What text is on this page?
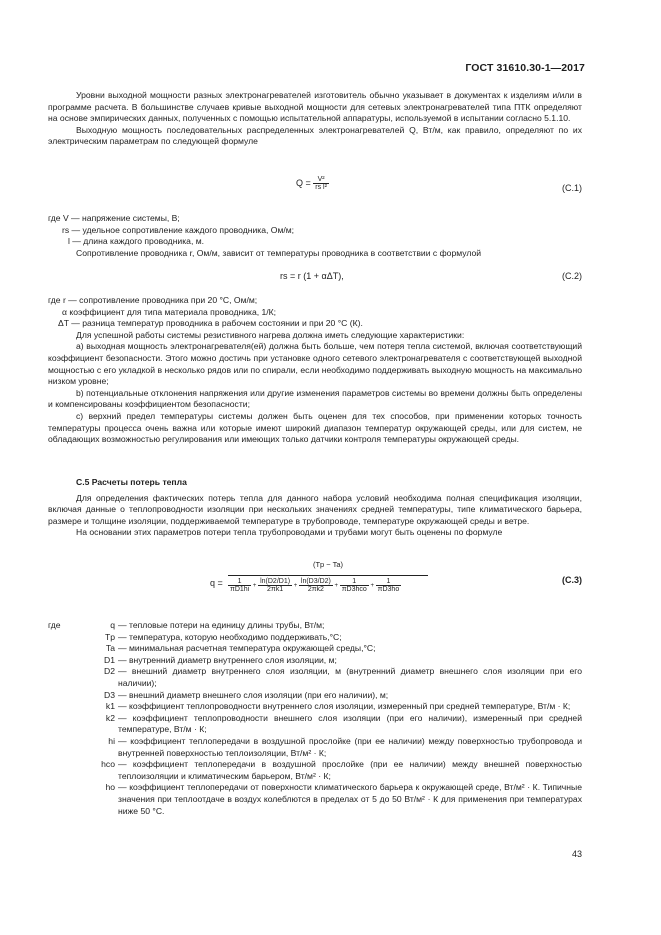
ГОСТ 31610.30-1—2017

Уровни выходной мощности разных электронагревателей изготовитель обычно указывает в документах к изделиям и/или в программе расчета. В большинстве случаев кривые выходной мощности для сетевых электронагревателей типа ПТК определяют на основе эмпирических данных, полученных с помощью испытательной аппаратуры, используемой в испытании согласно 5.1.10.

Выходную мощность последовательных распределенных электронагревателей Q, Вт/м, как правило, определяют по их электрическим параметрам по следующей формуле

$Q = \frac{\text{V²}}{\text{rs l²}}$	(С.1)
где V — напряжение системы, В;
rs — удельное сопротивление каждого проводника, Ом/м;
l — длина каждого проводника, м.

Сопротивление проводника r, Ом/м, зависит от температуры проводника в соответствии с формулой

rs = r (1 + αΔT),	(С.2)
где r — сопротивление проводника при 20 °С, Ом/м;
α коэффициент для типа материала проводника, 1/К;
ΔT — разница температур проводника в рабочем состоянии и при 20 °С (К).

Для успешной работы системы резистивного нагрева должна иметь следующие характеристики:

а) выходная мощность электронагревателя(ей) должна быть больше, чем потеря тепла системой, включая соответствующий коэффициент безопасности. Этого можно достичь при установке одного сетевого электронагревателя с соответствующей выходной мощностью с его укладкой в несколько рядов или по спирали, если необходимо поддерживать выходную мощность на максимально низком уровне;

b) потенциальные отклонения напряжения или другие изменения параметров системы во времени должны быть определены и компенсированы коэффициентом безопасности;

с) верхний предел температуры системы должен быть оценен для тех способов, при применении которых точность температуры процесса очень важна или которые имеют широкий диапазон температур окружающей среды, или для систем, не обладающих возможностью регулирования или имеющих только датчики контроля температуры окружающей среды.

С.5 Расчеты потерь тепла

Для определения фактических потерь тепла для данного набора условий необходима полная спецификация изоляции, включая данные о теплопроводности изоляции при нескольких значениях средней температуры, типе климатического барьера, размере и толщине изоляции, поддерживаемой температуре в трубопроводе, температуре окружающей среды и ветре.

На основании этих параметров потери тепла трубопроводами и трубами могут быть оценены по формуле

q =
(Tp − Ta)
$\frac{1}{\pi D1hi} + \frac{\ln(D2/D1)}{2\pi k1} + \frac{\ln(D3/D2)}{2\pi k2} + \frac{1}{\text{πD3hco}} + \frac{1}{\pi D3ho}$	(С.3)
где	q — тепловые потери на единицу длины трубы, Вт/м;
Tp — температура, которую необходимо поддерживать,°С;
Ta — минимальная расчетная температура окружающей среды,°С;
D1 — внутренний диаметр внутреннего слоя изоляции, м;
D2 — внешний диаметр внутреннего слоя изоляции, м (внутренний диаметр внешнего слоя изоляции при его наличии);
D3 — внешний диаметр внешнего слоя изоляции (при его наличии), м;
k1 — коэффициент теплопроводности внутреннего слоя изоляции, измеренный при средней температуре, Вт/м · К;
k2 — коэффициент теплопроводности внешнего слоя изоляции (при его наличии), измеренный при средней температуре, Вт/м · К;
hi — коэффициент теплопередачи в воздушной прослойке (при ее наличии) между поверхностью трубопровода и внутренней поверхностью теплоизоляции, Вт/м² · К;
hco — коэффициент теплопередачи в воздушной прослойке (при ее наличии) между внешней поверхностью теплоизоляции и климатическим барьером, Вт/м² · К;
ho — коэффициент теплопередачи от поверхности климатического барьера к окружающей среде, Вт/м² · К. Типичные значения при теплоотдаче в воздух колеблются в пределах от 5 до 50 Вт/м² · К для применения при температурах ниже 50 °С.
43
